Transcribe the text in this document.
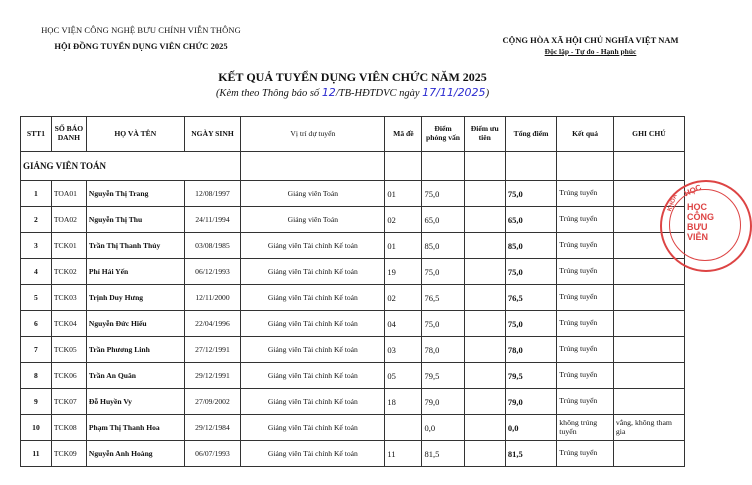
HỌC VIỆN CÔNG NGHỆ BƯU CHÍNH VIỄN THÔNG
HỘI ĐỒNG TUYỂN DỤNG VIÊN CHỨC 2025
CỘNG HÒA XÃ HỘI CHỦ NGHĨA VIỆT NAM
Độc lập - Tự do - Hạnh phúc
KẾT QUẢ TUYỂN DỤNG VIÊN CHỨC NĂM 2025
(Kèm theo Thông báo số 12/TB-HĐTDVC ngày 17/11/2025)
STT1	SỐ BÁO DANH	HỌ VÀ TÊN	NGÀY SINH	Vị trí dự tuyển	Mã đề	Điểm phỏng vấn	Điểm ưu tiên	Tổng điểm	Kết quả	GHI CHÚ
GIẢNG VIÊN TOÁN										
1	TOA01	Nguyễn Thị Trang	12/08/1997	Giảng viên Toán	01	75,0		75,0	Trúng tuyển	
2	TOA02	Nguyễn Thị Thu	24/11/1994	Giảng viên Toán	02	65,0		65,0	Trúng tuyển	
3	TCK01	Trần Thị Thanh Thủy	03/08/1985	Giảng viên Tài chính Kế toán	01	85,0		85,0	Trúng tuyển	
4	TCK02	Phí Hải Yến	06/12/1993	Giảng viên Tài chính Kế toán	19	75,0		75,0	Trúng tuyển	
5	TCK03	Trịnh Duy Hưng	12/11/2000	Giảng viên Tài chính Kế toán	02	76,5		76,5	Trúng tuyển	
6	TCK04	Nguyễn Đức Hiếu	22/04/1996	Giảng viên Tài chính Kế toán	04	75,0		75,0	Trúng tuyển	
7	TCK05	Trần Phương Linh	27/12/1991	Giảng viên Tài chính Kế toán	03	78,0		78,0	Trúng tuyển	
8	TCK06	Trần An Quân	29/12/1991	Giảng viên Tài chính Kế toán	05	79,5		79,5	Trúng tuyển	
9	TCK07	Đỗ Huyền Vy	27/09/2002	Giảng viên Tài chính Kế toán	18	79,0		79,0	Trúng tuyển	
10	TCK08	Phạm Thị Thanh Hoa	29/12/1984	Giảng viên Tài chính Kế toán		0,0		0,0	không trúng tuyển	vắng, không tham gia
11	TCK09	Nguyễn Anh Hoàng	06/07/1993	Giảng viên Tài chính Kế toán	11	81,5		81,5	Trúng tuyển	
HỌC
KHOA HỌC
CÔNG
BƯU
VIỄN
